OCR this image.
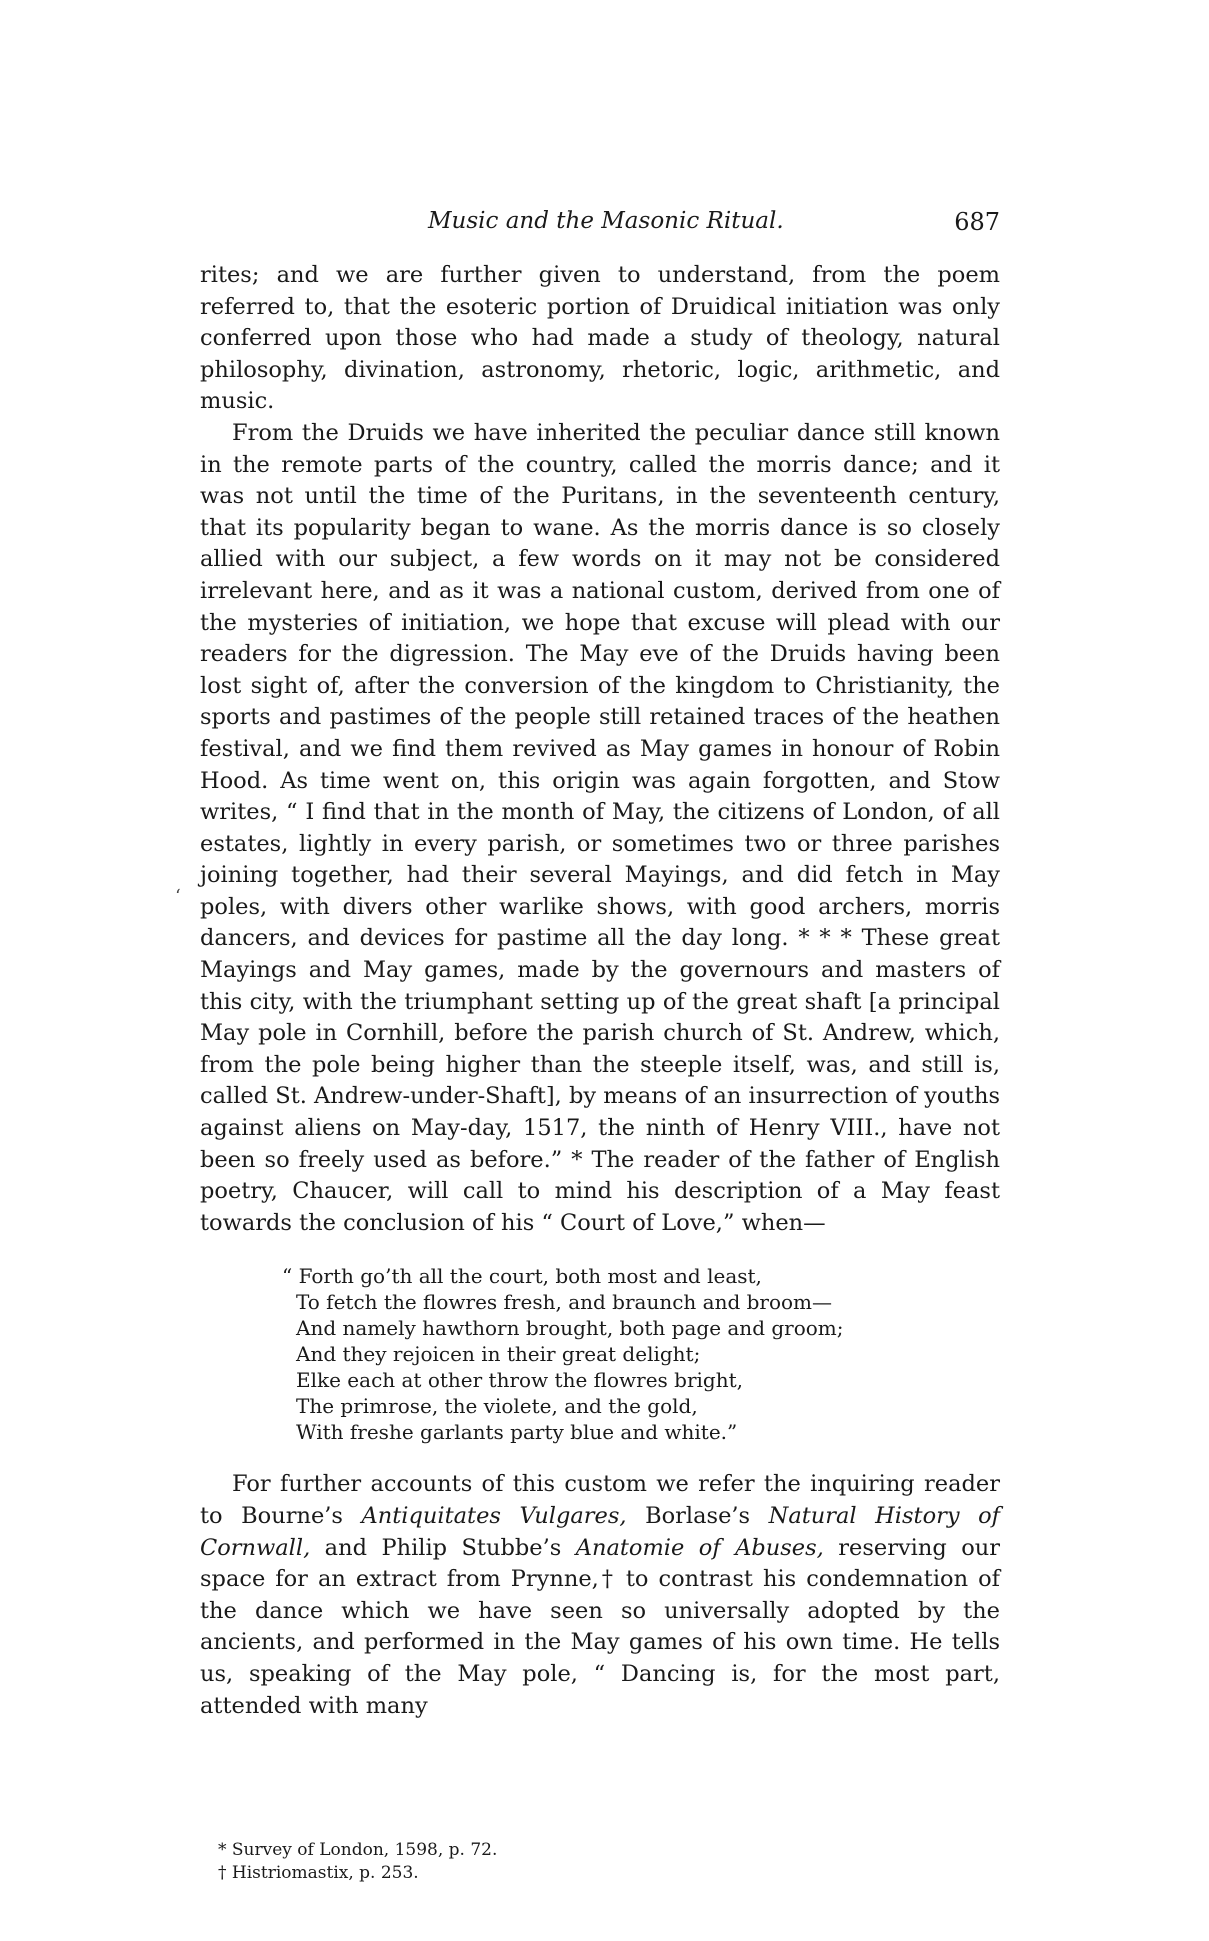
Music and the Masonic Ritual.	687
ʻ

rites; and we are further given to understand, from the poem referred to, that the esoteric portion of Druidical initiation was only conferred upon those who had made a study of theology, natural philosophy, divination, astronomy, rhetoric, logic, arithmetic, and music.

From the Druids we have inherited the peculiar dance still known in the remote parts of the country, called the morris dance; and it was not until the time of the Puritans, in the seventeenth century, that its popularity began to wane. As the morris dance is so closely allied with our subject, a few words on it may not be considered irrelevant here, and as it was a national custom, derived from one of the mysteries of initiation, we hope that excuse will plead with our readers for the digression. The May eve of the Druids having been lost sight of, after the conversion of the kingdom to Christianity, the sports and pastimes of the people still retained traces of the heathen festival, and we find them revived as May games in honour of Robin Hood. As time went on, this origin was again forgotten, and Stow writes, “ I find that in the month of May, the citizens of London, of all estates, lightly in every parish, or sometimes two or three parishes joining together, had their several Mayings, and did fetch in May poles, with divers other warlike shows, with good archers, morris dancers, and devices for pastime all the day long. * * * These great Mayings and May games, made by the governours and masters of this city, with the triumphant setting up of the great shaft [a principal May pole in Cornhill, before the parish church of St. Andrew, which, from the pole being higher than the steeple itself, was, and still is, called St. Andrew-under-Shaft], by means of an insurrection of youths against aliens on May-day, 1517, the ninth of Henry VIII., have not been so freely used as before.” * The reader of the father of English poetry, Chaucer, will call to mind his description of a May feast towards the conclusion of his “ Court of Love,” when—

“ Forth go’th all the court, both most and least,
To fetch the flowres fresh, and braunch and broom—
And namely hawthorn brought, both page and groom;
And they rejoicen in their great delight;
Elke each at other throw the flowres bright,
The primrose, the violete, and the gold,
With freshe garlants party blue and white.”

For further accounts of this custom we refer the inquiring reader to Bourne’s Antiquitates Vulgares, Borlase’s Natural History of Cornwall, and Philip Stubbe’s Anatomie of Abuses, reserving our space for an extract from Prynne,† to contrast his condemnation of the dance which we have seen so universally adopted by the ancients, and performed in the May games of his own time. He tells us, speaking of the May pole, “ Dancing is, for the most part, attended with many

* Survey of London, 1598, p. 72.
† Histriomastix, p. 253.
